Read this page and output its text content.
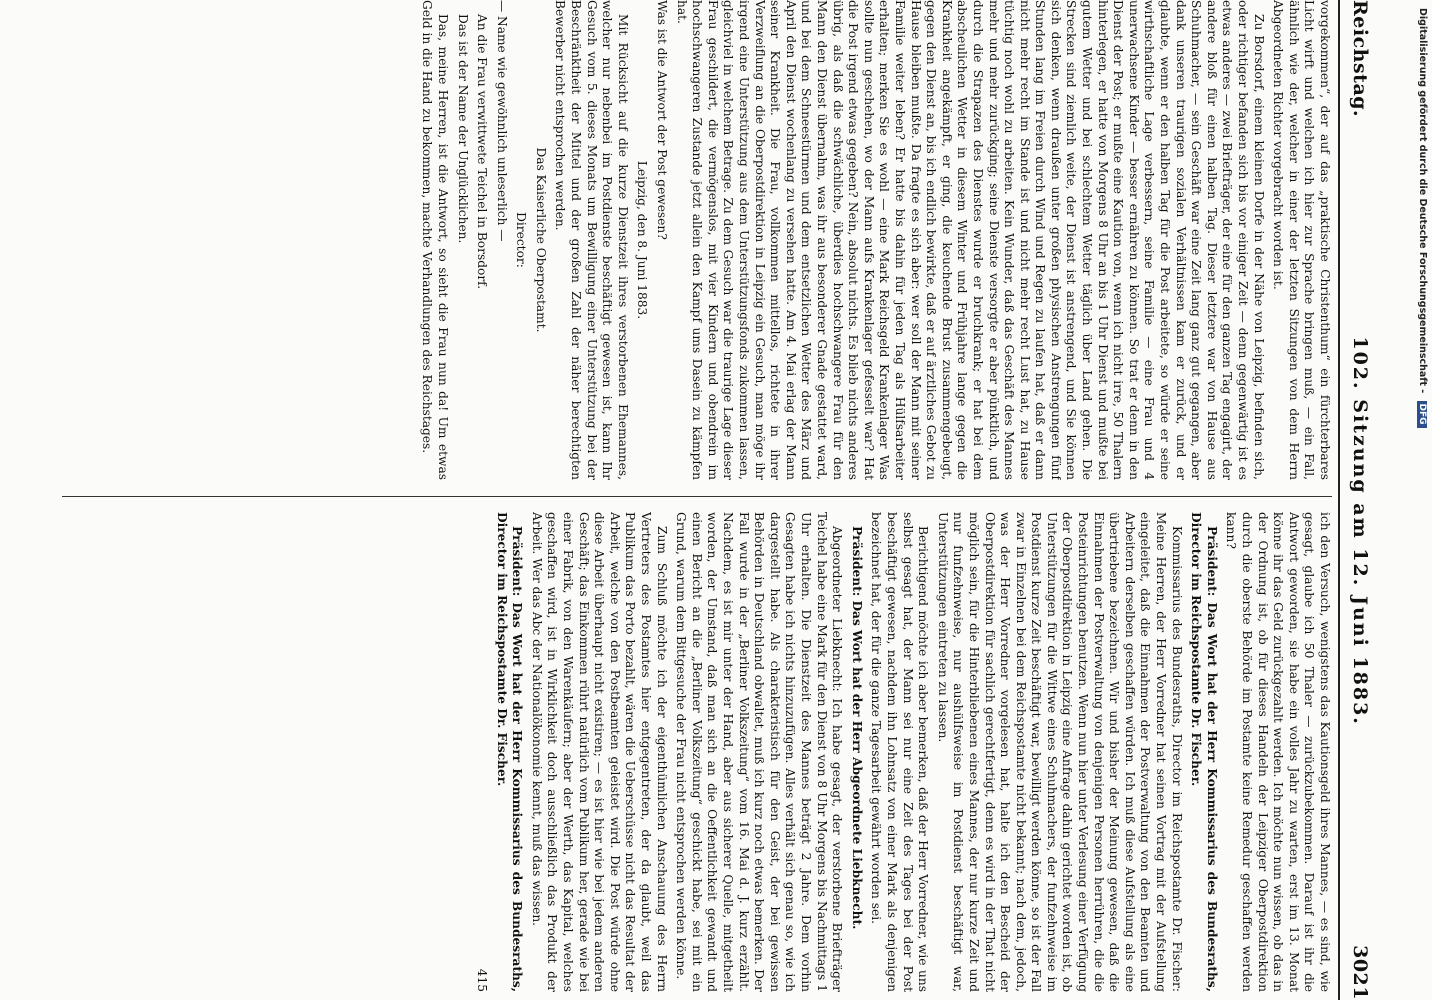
Reichstag.
102. Sitzung am 12. Juni 1883.
3021

vorgekommen“, der auf das „praktische Christenthum“ ein fürchterbares Licht wirft und welchen ich hier zur Sprache bringen muß, — ein Fall, ähnlich wie der, welcher in einer der letzten Sitzungen von dem Herrn Abgeordneten Richter vorgebracht worden ist.

Zu Borsdorf, einem kleinen Dorfe in der Nähe von Leipzig, befinden sich, oder richtiger befanden sich bis vor einiger Zeit — denn gegenwärtig ist es etwas anderes — zwei Briefträger, der eine für den ganzen Tag engagirt, der andere bloß für einen halben Tag. Dieser letztere war von Hause aus Schuhmacher, — sein Geschäft war eine Zeit lang ganz gut gegangen, aber dank unseren traurigen sozialen Verhältnissen kam er zurück, und er glaubte, wenn er den halben Tag für die Post arbeitete, so würde er seine wirthschaftliche Lage verbessern, seine Familie — eine Frau und 4 unerwachsene Kinder — besser ernähren zu können. So trat er denn in den Dienst der Post; er mußte eine Kaution von, wenn ich nicht irre, 50 Thalern hinterlegen, er hatte von Morgens 8 Uhr an bis 1 Uhr Dienst und mußte bei gutem Wetter und bei schlechtem Wetter täglich über Land gehen. Die Strecken sind ziemlich weite, der Dienst ist anstrengend, und Sie können sich denken, wenn draußen unter großen physischen Anstrengungen fünf Stunden lang im Freien durch Wind und Regen zu laufen hat, daß er dann nicht mehr recht im Stande ist und nicht mehr recht Lust hat, zu Hause tüchtig noch wohl zu arbeiten. Kein Wunder, daß das Geschäft des Mannes mehr und mehr zurückging; seine Dienste versorgte er aber pünktlich, und durch die Strapazen des Dienstes wurde er bruchkrank; er hat bei dem abscheulichen Wetter in diesem Winter und Frühjahre lange gegen die Krankheit angekämpft, er ging, die keuchende Brust zusammengebeugt, gegen den Dienst an, bis ich endlich bewirkte, daß er auf ärztliches Gebot zu Hause bleiben mußte. Da fragte es sich aber: wer soll der Mann mit seiner Familie weiter leben? Er hatte bis dahin für jeden Tag als Hülfsarbeiter erhalten; merken Sie es wohl — eine Mark Reichsgeld Krankenlager Was sollte nun geschehen, wo der Mann aufs Krankenlager gefesselt war? Hat die Post irgend etwas gegeben? Nein, absolut nichts. Es blieb nichts anderes übrig, als daß die schwächliche, überdies hochschwangere Frau für den Mann den Dienst übernahm, was ihr aus besonderer Gnade gestattet ward, und bei dem Schneestürmen und dem entsetzlichen Wetter des März und April den Dienst wochenlang zu versehen hatte. Am 4. Mai erlag der Mann seiner Krankheit. Die Frau, vollkommen mittellos, richtete in ihrer Verzweiflung an die Oberpostdirektion in Leipzig ein Gesuch, man möge ihr irgend eine Unterstützung aus dem Unterstützungsfonds zukommen lassen, gleichviel in welchem Betrage. Zu dem Gesuch war die traurige Lage dieser Frau geschildert, die vermögenslos, mit vier Kindern und obendrein im hochschwangeren Zustande jetzt allein den Kampf ums Dasein zu kämpfen hat.

Was ist die Antwort der Post gewesen?

Leipzig, den 8. Juni 1883.

Mit Rücksicht auf die kurze Dienstzeit ihres verstorbenen Ehemannes, welcher nur nebenbei im Postdienste beschäftigt gewesen ist, kann Ihr Gesuch vom 5. dieses Monats um Bewilligung einer Unterstützung bei der Beschränktheit der Mittel und der großen Zahl der näher berechtigten Bewerber nicht entsprochen werden.

Das Kaiserliche Oberpostamt.

Director:

— Name wie gewöhnlich unleserlich —

An die Frau verwittwete Teichel in Borsdorf.

Das ist der Name der Unglücklichen.

Das, meine Herren, ist die Antwort, so sieht die Frau nun da! Um etwas Geld in die Hand zu bekommen, machte Verhandlungen des Reichstages.

ich den Versuch, wenigstens das Kautionsgeld ihres Mannes, — es sind, wie gesagt, glaube ich 50 Thaler — zurückzubekommen. Darauf ist ihr die Antwort geworden, sie habe ein volles Jahr zu warten, erst im 13. Monat könne ihr das Geld zurückgezahlt werden. Ich möchte nun wissen, ob das in der Ordnung ist, ob für dieses Handeln der Leipziger Oberpostdirektion durch die oberste Behörde im Postamte keine Remedur geschaffen werden kann?

Präsident: Das Wort hat der Herr Kommissarius des Bundesraths, Director im Reichspostamte Dr. Fischer.

Kommissarius des Bundesraths, Director im Reichspostamte Dr. Fischer: Meine Herren, der Herr Vorredner hat seinen Vortrag mit der Aufstellung eingeleitet, daß die Einnahmen der Postverwaltung von den Beamten und Arbeitern derselben geschaffen würden. Ich muß diese Aufstellung als eine übertriebene bezeichnen. Wir und bisher der Meinung gewesen, daß die Einnahmen der Postverwaltung von denjenigen Personen herrühren, die die Posteinrichtungen benutzen. Wenn nun hier unter Verlesung einer Verfügung der Oberpostdirektion in Leipzig eine Anfrage dahin gerichtet worden ist, ob Unterstützungen für die Wittwe eines Schuhmachers, der funfzehnweise im Postdienst kurze Zeit beschäftigt war, bewilligt werden könne, so ist der Fall zwar in Einzelnen bei dem Reichspostamte nicht bekannt; nach dem, jedoch, was der Herr Vorredner vorgelesen hat, halte ich den Bescheid der Oberpostdirektion für sachlich gerechtfertigt, denn es wird in der That nicht möglich sein, für die Hinterbliebenen eines Mannes, der nur kurze Zeit und nur funfzehnweise, nur aushülfsweise im Postdienst beschäftigt war, Unterstützungen eintreten zu lassen.

Berichtigend möchte ich aber bemerken, daß der Herr Vorredner, wie uns selbst gesagt hat, der Mann sei nur eine Zeit des Tages bei der Post beschäftigt gewesen, nachdem ihn Lohnsatz von einer Mark als denjenigen bezeichnet hat, der für die ganze Tagesarbeit gewährt worden sei.

Präsident: Das Wort hat der Herr Abgeordnete Liebknecht.

Abgeordneter Liebknecht: Ich habe gesagt, der verstorbene Briefträger Teichel habe eine Mark für den Dienst von 8 Uhr Morgens bis Nachmittags 1 Uhr erhalten. Die Dienstzeit des Mannes beträgt 2 Jahre. Dem vorhin Gesagten habe ich nichts hinzuzufügen. Alles verhält sich genau so, wie ich dargestellt habe. Als charakteristisch für den Geist, der bei gewissen Behörden in Deutschland obwaltet, muß ich kurz noch etwas bemerken. Der Fall wurde in der „Berliner Volkszeitung“ vom 16. Mai d. J. kurz erzählt. Nachdem, es ist mir unter der Hand, aber aus sicherer Quelle, mitgetheilt worden, der Umstand, daß man sich an die Oeffentlichkeit gewandt und einen Bericht an die „Berliner Volkszeitung“ geschickt habe, sei mit ein Grund, warum dem Bittgesuche der Frau nicht entsprochen werden könne.

Zum Schluß möchte ich der eigenthümlichen Anschauung des Herrn Vertreters des Postamtes hier entgegentreten, der da glaubt, weil das Publikum das Porto bezahlt, wären die Ueberschüsse nicht das Resultat der Arbeit, welche von den Postbeamten geleistet wird. Die Post würde ohne diese Arbeit überhaupt nicht existiren; — es ist hier wie bei jedem anderen Geschäft; das Einkommen rührt natürlich vom Publikum her, gerade wie bei einer Fabrik, von den Warenkäufern; aber der Werth, das Kapital, welches geschaffen wird, ist in Wirklichkeit doch ausschließlich das Produkt der Arbeit. Wer das Abc der Nationalökonomie kennt, muß das wissen.

Präsident: Das Wort hat der Herr Kommissarius des Bundesraths, Director im Reichspostamte Dr. Fischer.

415

Digitalisierung gefördert durch die Deutsche Forschungsgemeinschaft - DFG
